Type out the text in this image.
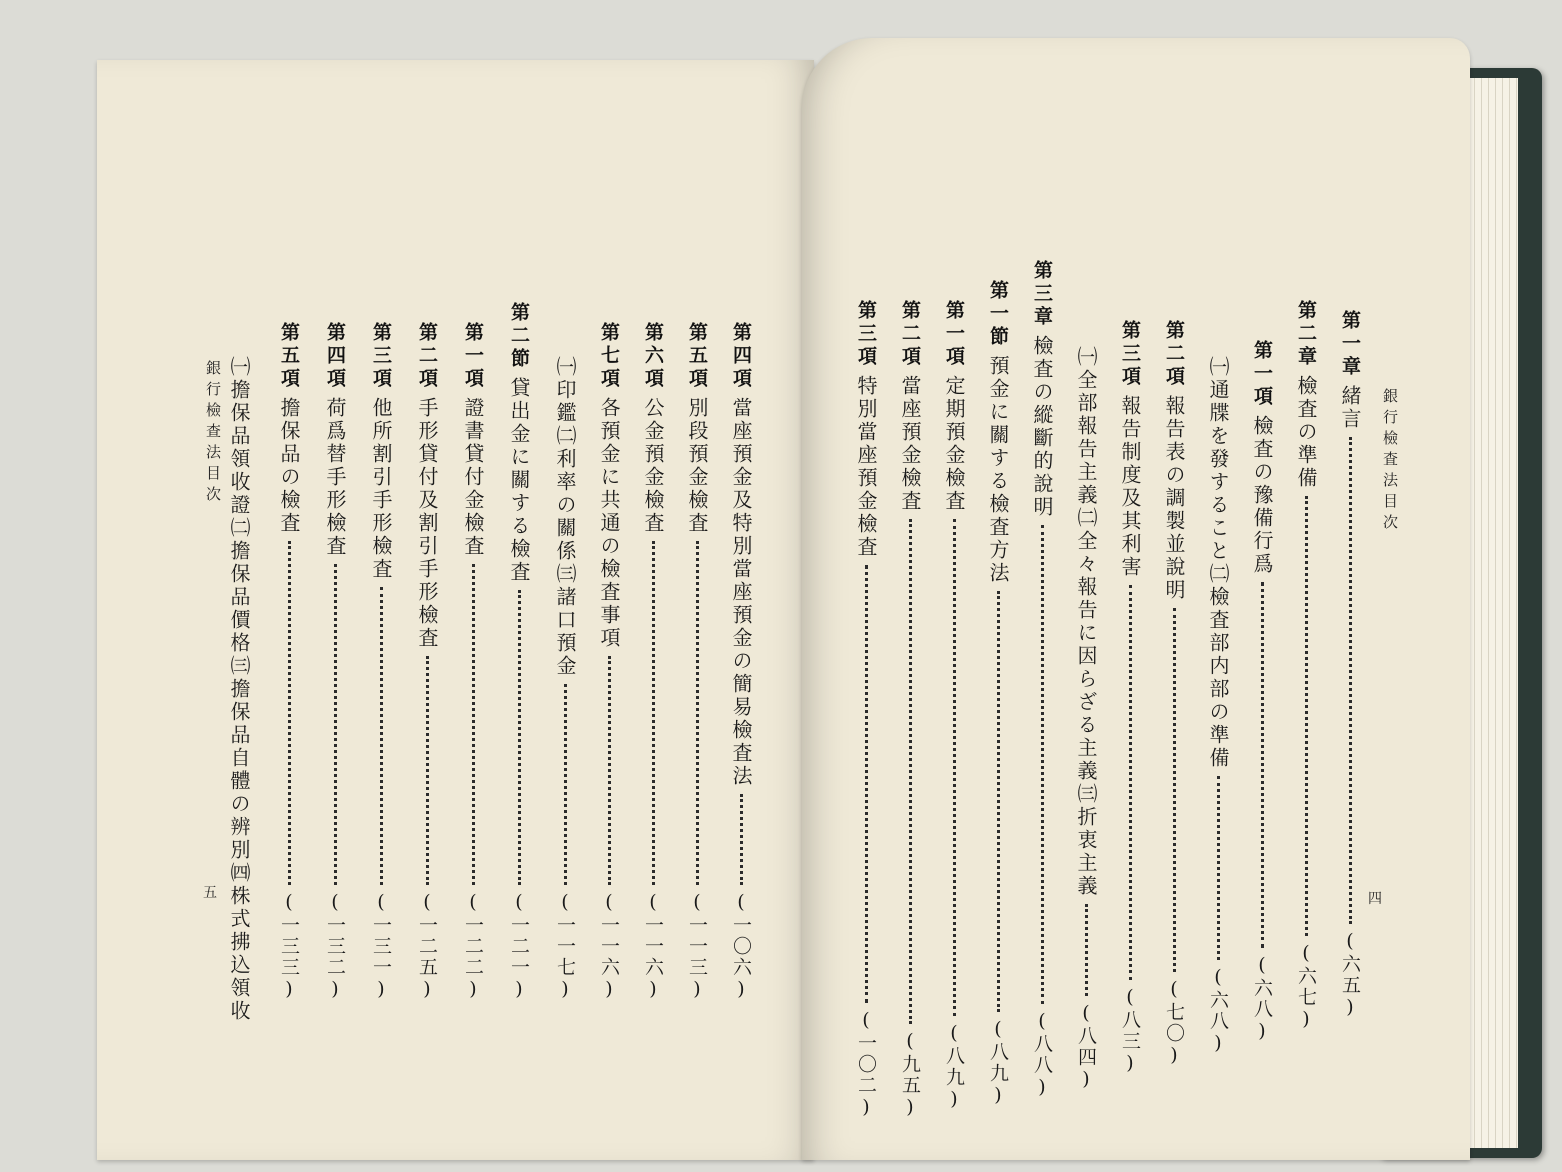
第四項
當座預金及特別當座預金の簡易檢査法
(一〇六)
第五項
別段預金檢査
(一一三)
第六項
公金預金檢査
(一一六)
第七項
各預金に共通の檢査事項
(一一六)
㈠印鑑㈡利率の關係㈢諸口預金
(一一七)
第二節
貸出金に關する檢査
(一二一)
第一項
證書貸付金檢査
(一二二)
第二項
手形貸付及割引手形檢査
(一二五)
第三項
他所割引手形檢査
(一三一)
第四項
荷爲替手形檢査
(一三二)
第五項
擔保品の檢査
(一三三)
㈠擔保品領收證㈡擔保品價格㈢擔保品自體の辨別㈣株式拂込領收
銀行檢查法目次
五
銀行檢査法目次
四
第一章
緒言
(六五)
第二章
檢査の準備
(六七)
第一項
檢査の豫備行爲
(六八)
㈠通牒を發すること㈡檢査部内部の準備
(六八)
第二項
報告表の調製並說明
(七〇)
第三項
報告制度及其利害
(八三)
㈠全部報告主義㈡全々報告に因らざる主義㈢折衷主義
(八四)
第三章
檢査の縱斷的說明
(八八)
第一節
預金に關する檢査方法
(八九)
第一項
定期預金檢査
(八九)
第二項
當座預金檢査
(九五)
第三項
特別當座預金檢査
(一〇二)
